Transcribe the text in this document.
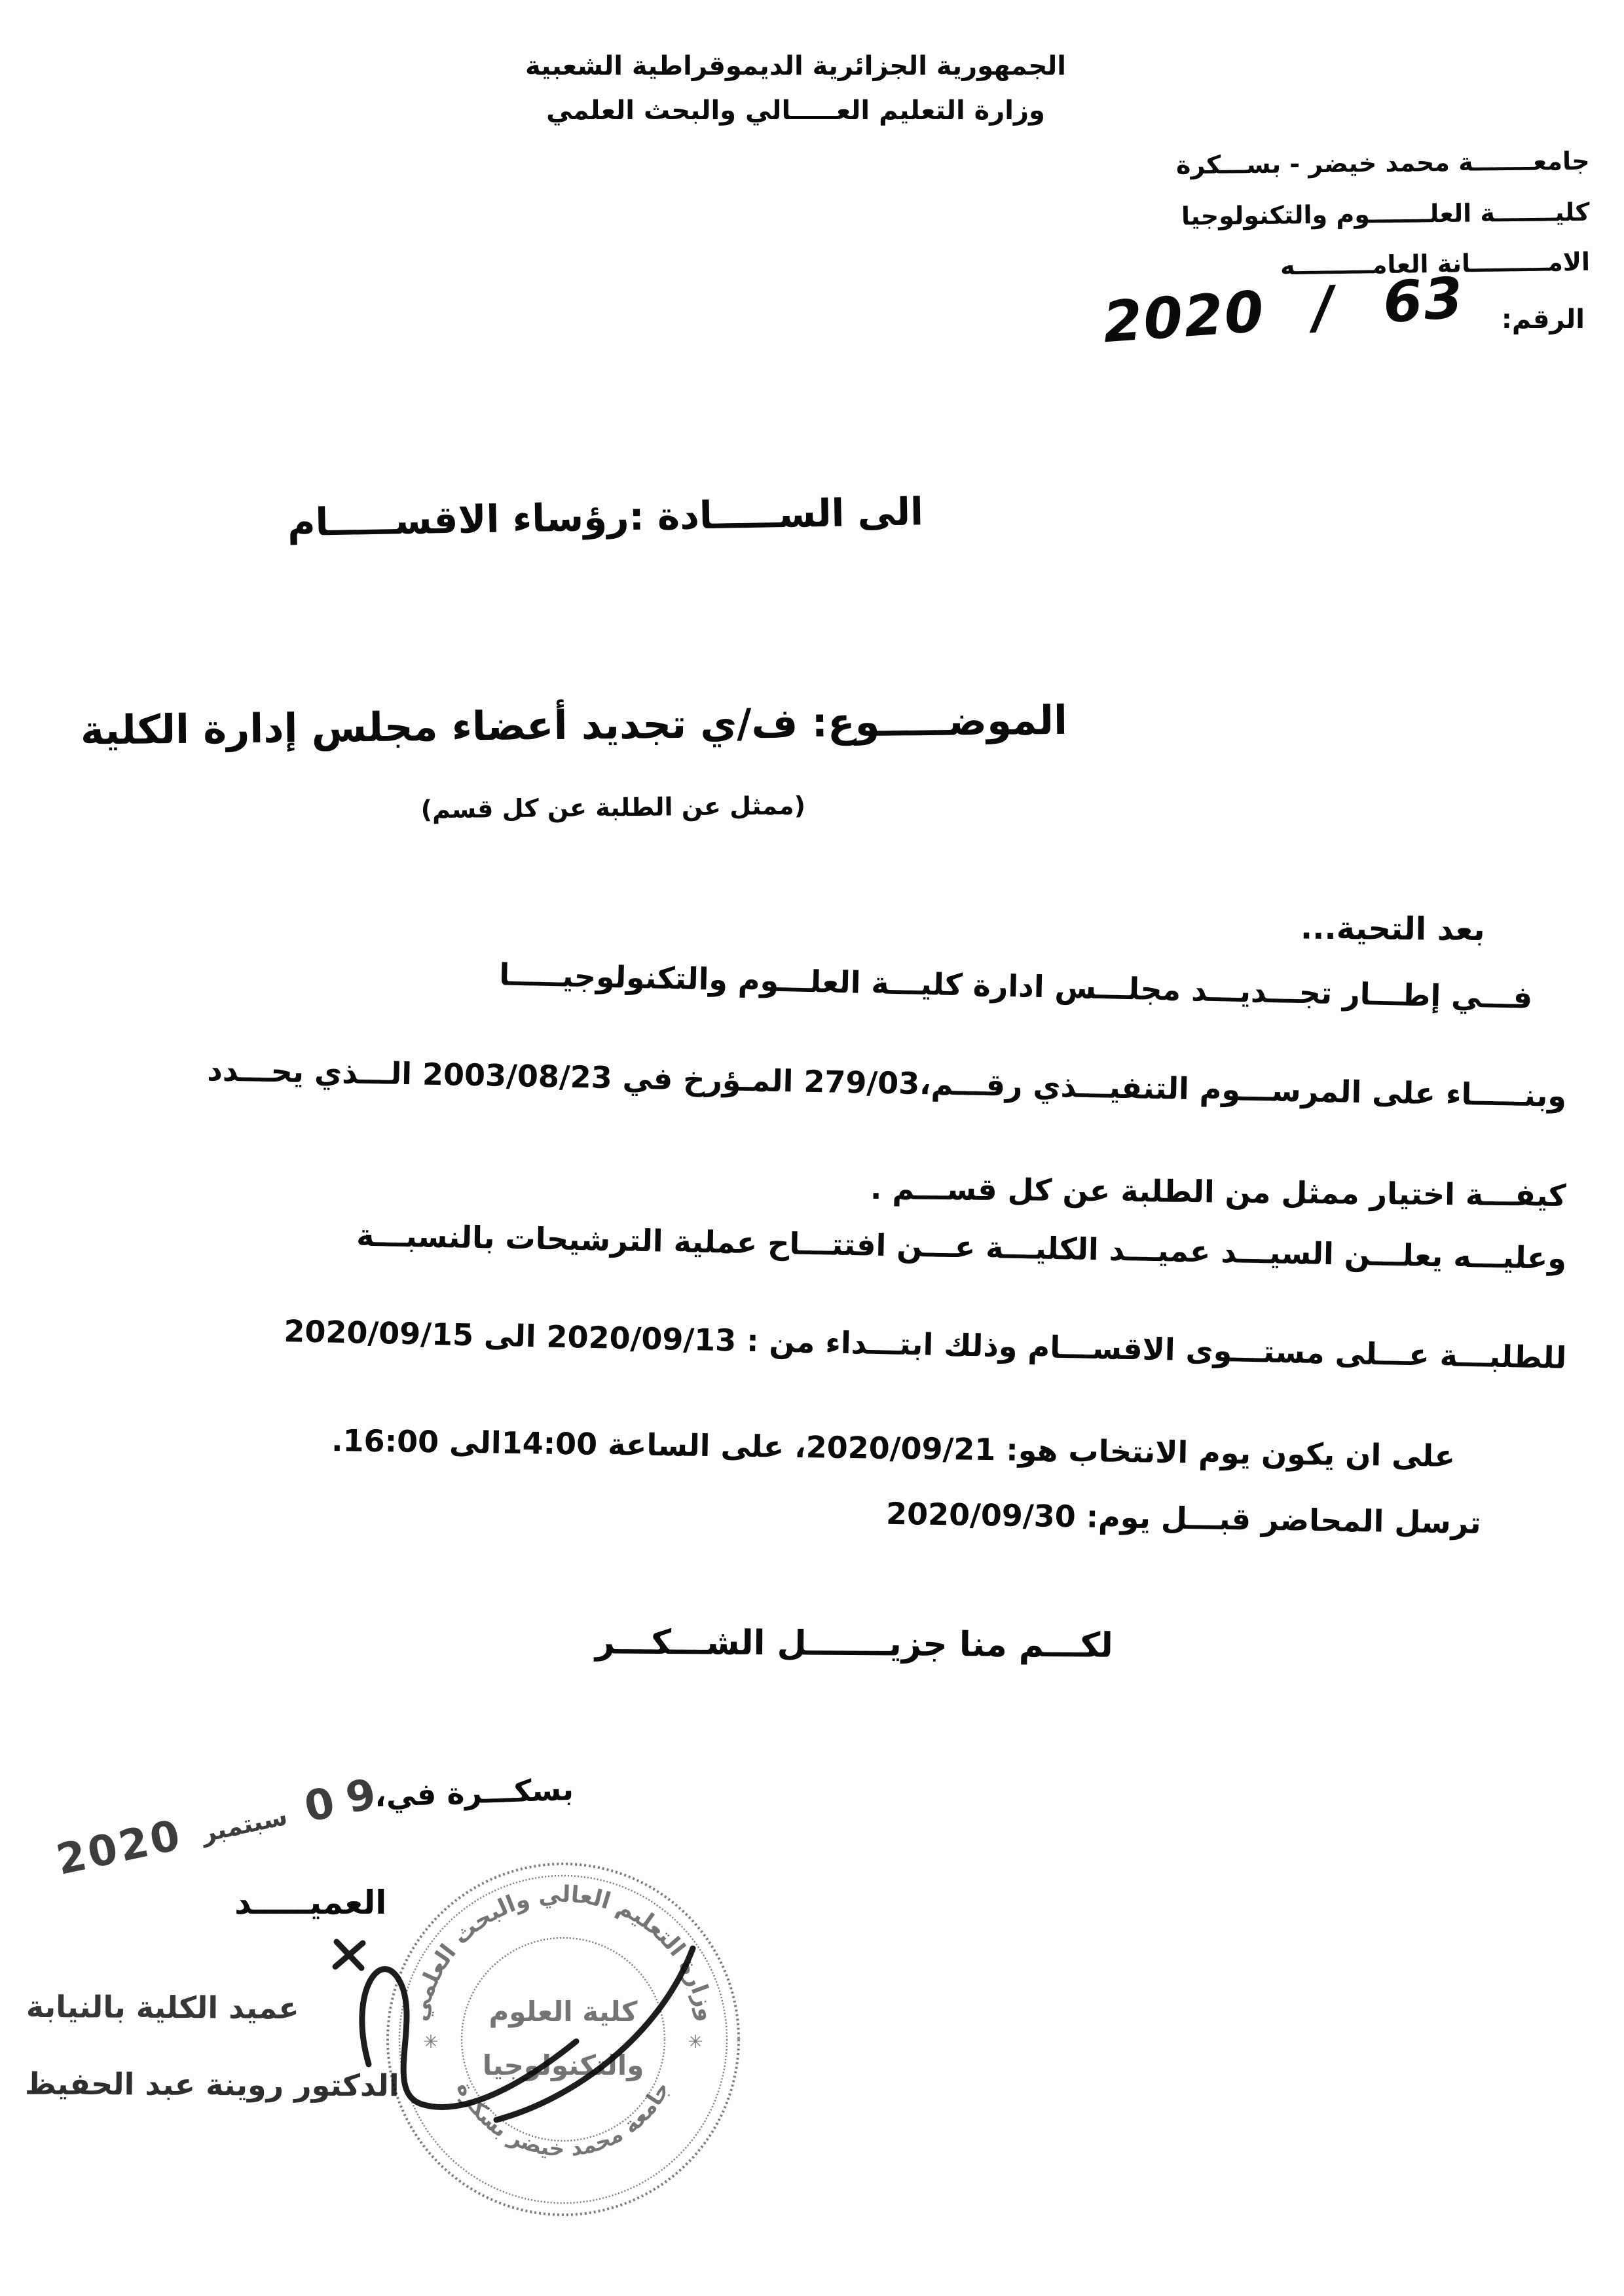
الجمهورية الجزائرية الديموقراطية الشعبية
وزارة التعليم العـــــالي والبحث العلمي
جامعـــــــة محمد خيضر - بســـكرة
كليـــــــة العلـــــــوم والتكنولوجيا
الامـــــــــانة العامـــــــــه
الرقم:
63 / 2020
الى الســـــادة :رؤساء الاقســـــام
الموضـــــوع: ف/ي تجديد أعضاء مجلس إدارة الكلية
(ممثل عن الطلبة عن كل قسم)
بعد التحية...
فـــي إطـــار تجـــديـــد مجلـــس ادارة كليـــة العلـــوم والتكنولوجيـــــا
وبنـــــاء على المرســـوم التنفيـــذي رقـــم،279/03 المـؤرخ في 2003/08/23 الـــذي يحـــدد
كيفـــة اختيار ممثل من الطلبة عن كل قســـم .
وعليـــه يعلـــن السيـــد عميـــد الكليـــة عـــن افتتـــاح عملية الترشيحات بالنسبـــة
للطلبـــة عـــلى مستـــوى الاقســـام وذلك ابتـــداء من : 2020/09/13 الى 2020/09/15
على ان يكون يوم الانتخاب هو: 2020/09/21، على الساعة 14:00الى 16:00.
ترسل المحاضر قبـــل يوم: 2020/09/30
لكـــم منا جزيـــــــل الشـــكـــر
بسكـــرة في،
09
سبتمبر
2020
العميـــــد
وزارة التعليم العالي والبحث العلمي
جامعة محمد خيضر بسكرة
كلية العلوم
والتكنولوجيا
✳	✳
عميد الكلية بالنيابة
الدكتور روينة عبد الحفيظ
